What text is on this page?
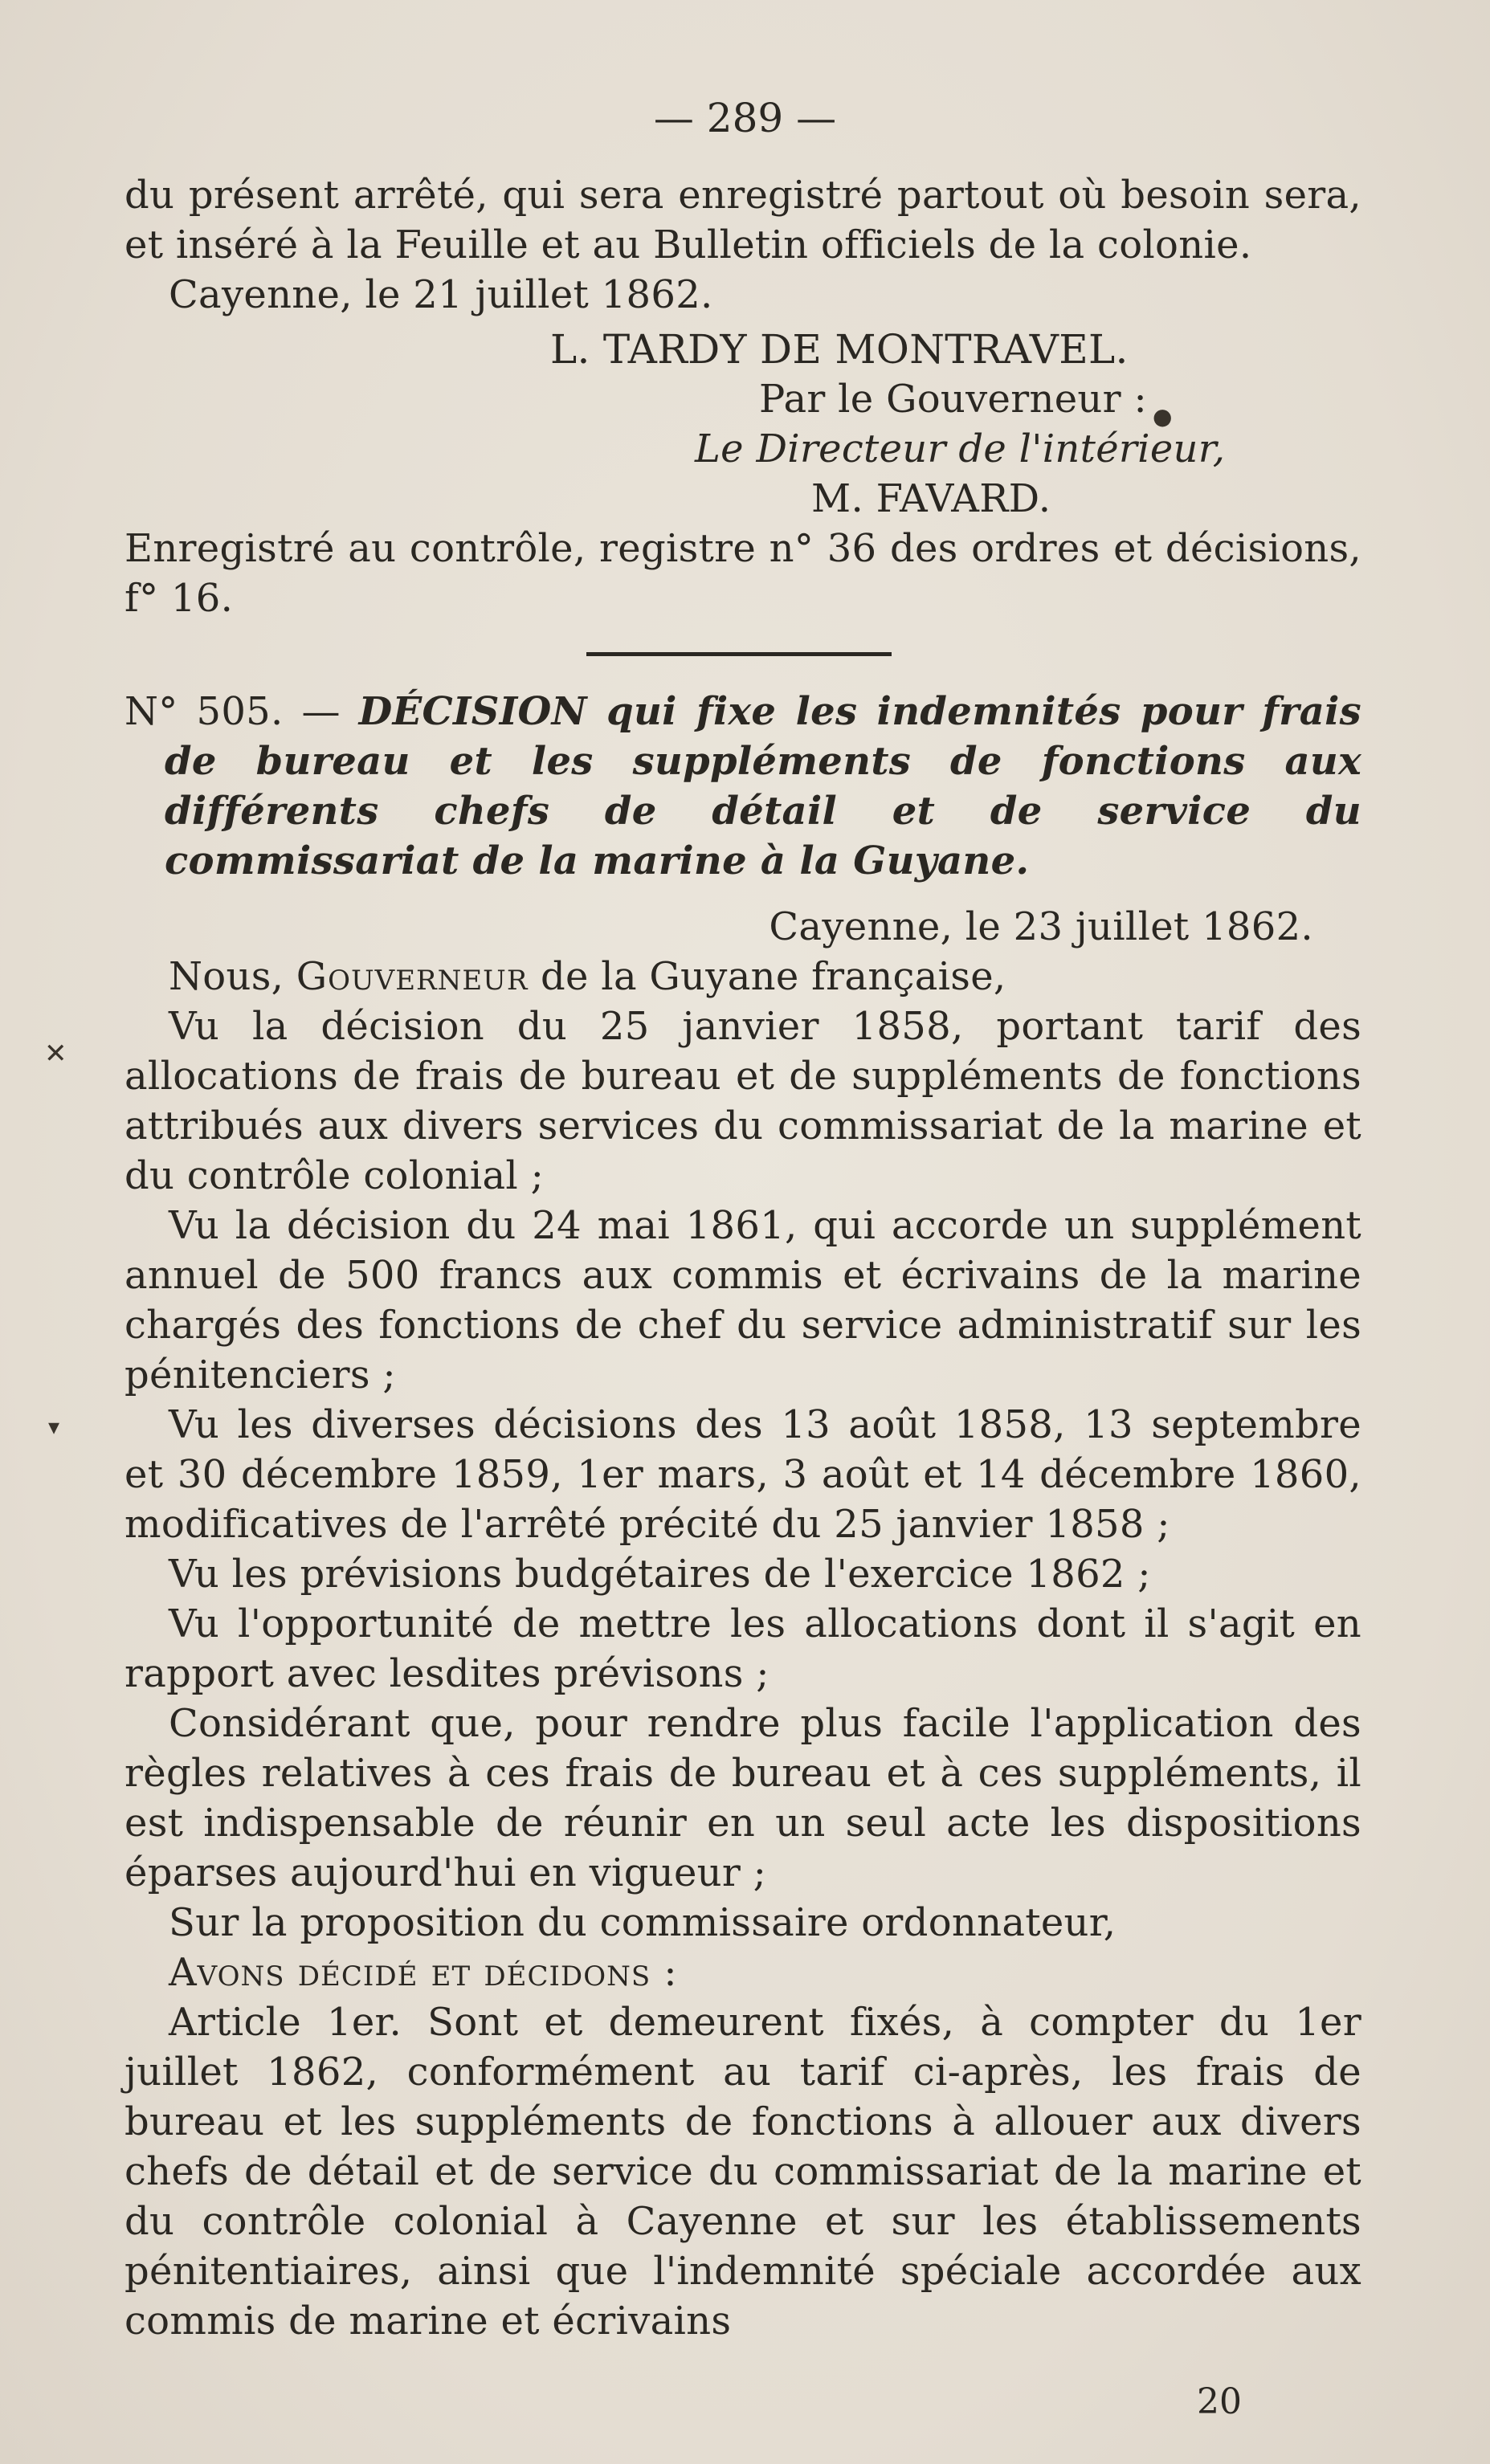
— 289 —

du présent arrêté, qui sera enregistré partout où besoin sera, et inséré à la Feuille et au Bulletin officiels de la colonie.

Cayenne, le 21 juillet 1862.

L. TARDY DE MONTRAVEL.

Par le Gouverneur :

Le Directeur de l'intérieur,

M. FAVARD.

Enregistré au contrôle, registre n° 36 des ordres et décisions, f° 16.

N° 505. — DÉCISION qui fixe les indemnités pour frais de bureau et les suppléments de fonctions aux différents chefs de détail et de service du commissariat de la marine à la Guyane.

Cayenne, le 23 juillet 1862.

Nous, Gouverneur de la Guyane française,

Vu la décision du 25 janvier 1858, portant tarif des allocations de frais de bureau et de suppléments de fonctions attribués aux divers services du commissariat de la marine et du contrôle colonial ;

Vu la décision du 24 mai 1861, qui accorde un supplément annuel de 500 francs aux commis et écrivains de la marine chargés des fonctions de chef du service administratif sur les pénitenciers ;

Vu les diverses décisions des 13 août 1858, 13 septembre et 30 décembre 1859, 1er mars, 3 août et 14 décembre 1860, modificatives de l'arrêté précité du 25 janvier 1858 ;

Vu les prévisions budgétaires de l'exercice 1862 ;

Vu l'opportunité de mettre les allocations dont il s'agit en rapport avec lesdites prévisons ;

Considérant que, pour rendre plus facile l'application des règles relatives à ces frais de bureau et à ces suppléments, il est indispensable de réunir en un seul acte les dispositions éparses aujourd'hui en vigueur ;

Sur la proposition du commissaire ordonnateur,

Avons décidé et décidons :

Article 1er. Sont et demeurent fixés, à compter du 1er juillet 1862, conformément au tarif ci-après, les frais de bureau et les suppléments de fonctions à allouer aux divers chefs de détail et de service du commissariat de la marine et du contrôle colonial à Cayenne et sur les établissements pénitentiaires, ainsi que l'indemnité spéciale accordée aux commis de marine et écrivains

20
✕
▾
●
